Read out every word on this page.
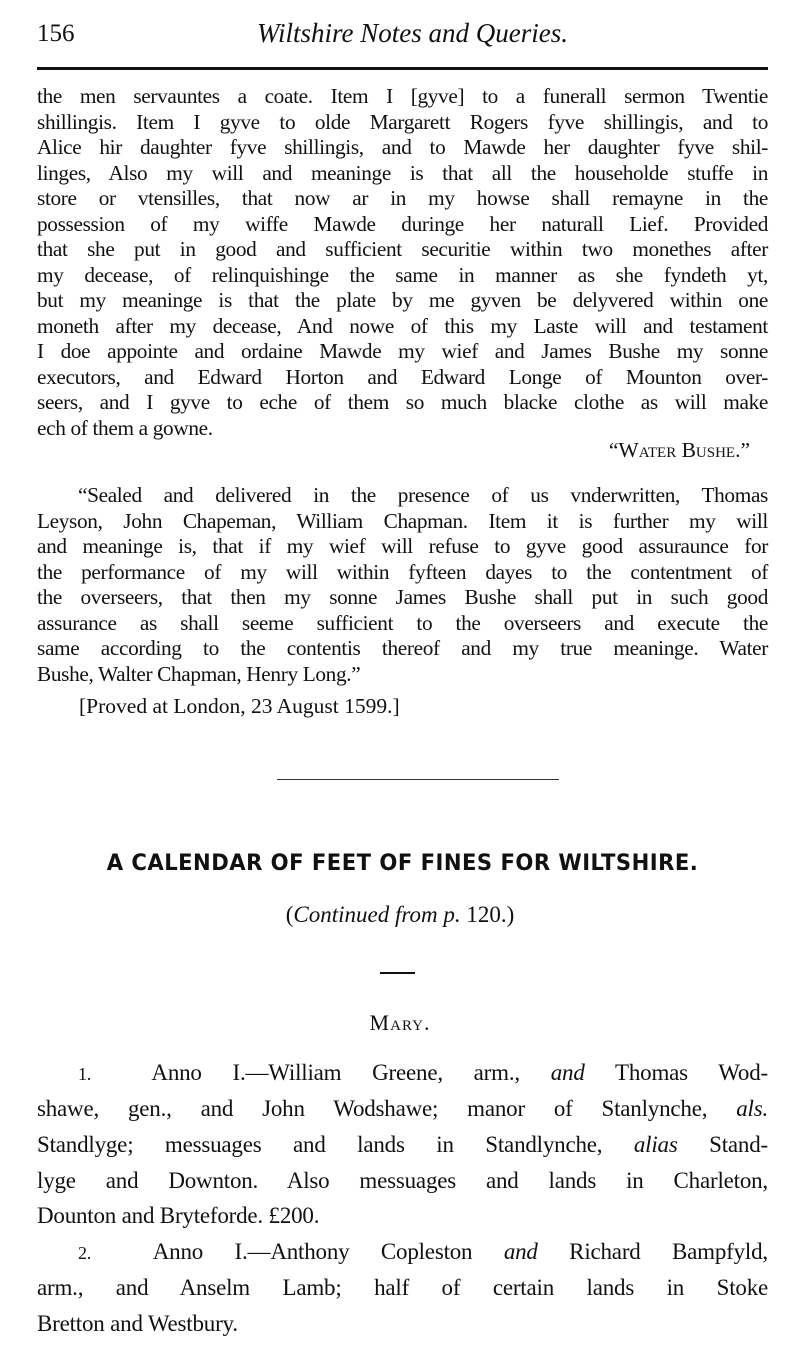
156	Wiltshire Notes and Queries.
the men servauntes a coate. Item I [gyve] to a funerall sermon Twentie
shillingis. Item I gyve to olde Margarett Rogers fyve shillingis, and to
Alice hir daughter fyve shillingis, and to Mawde her daughter fyve shil-
linges, Also my will and meaninge is that all the householde stuffe in
store or vtensilles, that now ar in my howse shall remayne in the
possession of my wiffe Mawde duringe her naturall Lief. Provided
that she put in good and sufficient securitie within two monethes after
my decease, of relinquishinge the same in manner as she fyndeth yt,
but my meaninge is that the plate by me gyven be delyvered within one
moneth after my decease, And nowe of this my Laste will and testament
I doe appointe and ordaine Mawde my wief and James Bushe my sonne
executors, and Edward Horton and Edward Longe of Mounton over-
seers, and I gyve to eche of them so much blacke clothe as will make
ech of them a gowne.
“Water Bushe.”
“Sealed and delivered in the presence of us vnderwritten, Thomas
Leyson, John Chapeman, William Chapman. Item it is further my will
and meaninge is, that if my wief will refuse to gyve good assuraunce for
the performance of my will within fyfteen dayes to the contentment of
the overseers, that then my sonne James Bushe shall put in such good
assurance as shall seeme sufficient to the overseers and execute the
same according to the contentis thereof and my true meaninge. Water
Bushe, Walter Chapman, Henry Long.”
[Proved at London, 23 August 1599.]
A CALENDAR OF FEET OF FINES FOR WILTSHIRE.
(Continued from p. 120.)
Mary.
1.	Anno I.—William Greene, arm., and Thomas Wod-
shawe, gen., and John Wodshawe; manor of Stanlynche, als.
Standlyge; messuages and lands in Standlynche, alias Stand-
lyge and Downton. Also messuages and lands in Charleton,
Dounton and Bryteforde. £200.
2.	Anno I.—Anthony Copleston and Richard Bampfyld,
arm., and Anselm Lamb; half of certain lands in Stoke
Bretton and Westbury.
